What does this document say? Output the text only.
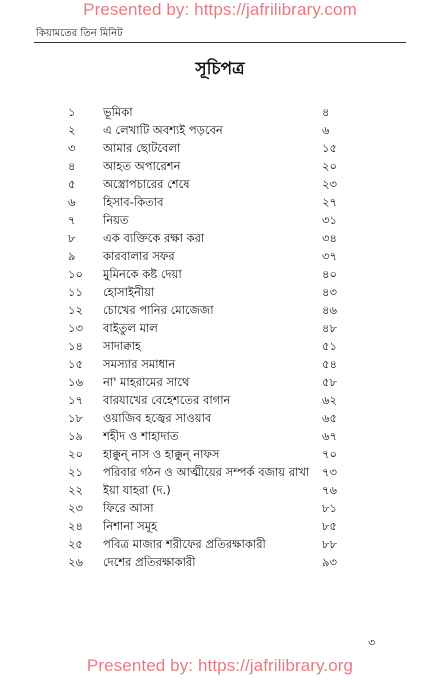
Presented by: https://jafrilibrary.com
কিয়ামতের তিন মিনিট
সূচিপত্র
১ ভূমিকা	৪
২ এ লেখাটি অবশ্যই পড়বেন	৬
৩ আমার ছোটবেলা	১৫
৪ আহত অপারেশন	২০
৫ অস্ত্রোপচারের শেষে	২৩
৬ হিসাব-কিতাব	২৭
৭ নিয়ত	৩১
৮ এক ব্যক্তিকে রক্ষা করা	৩৪
৯ কারবালার সফর	৩৭
১০ মুমিনকে কষ্ট দেয়া	৪০
১১ হোসাইনীয়া	৪৩
১২ চোখের পানির মোজেজা	৪৬
১৩ বাইতুল মাল	৪৮
১৪ সাদাক্বাহ	৫১
১৫ সমস্যার সমাধান	৫৪
১৬ না' মাহরামের সাথে	৫৮
১৭ বারযাখের বেহেশতের বাগান	৬২
১৮ ওয়াজিব হজ্বের সাওয়াব	৬৫
১৯ শহীদ ও শাহাদাত	৬৭
২০ হাক্কুন্ নাস ও হাক্কুন্ নাফস	৭০
২১ পরিবার গঠন ও আত্মীয়ের সম্পর্ক বজায় রাখা ৭৩
২২ ইয়া যাহরা (দ.)	৭৬
২৩ ফিরে আসা	৮১
২৪ নিশানা সমূহ	৮৫
২৫ পবিত্র মাজার শরীফের প্রতিরক্ষাকারী	৮৮
২৬ দেশের প্রতিরক্ষাকারী	৯৩
৩
Presented by: https://jafrilibrary.org
